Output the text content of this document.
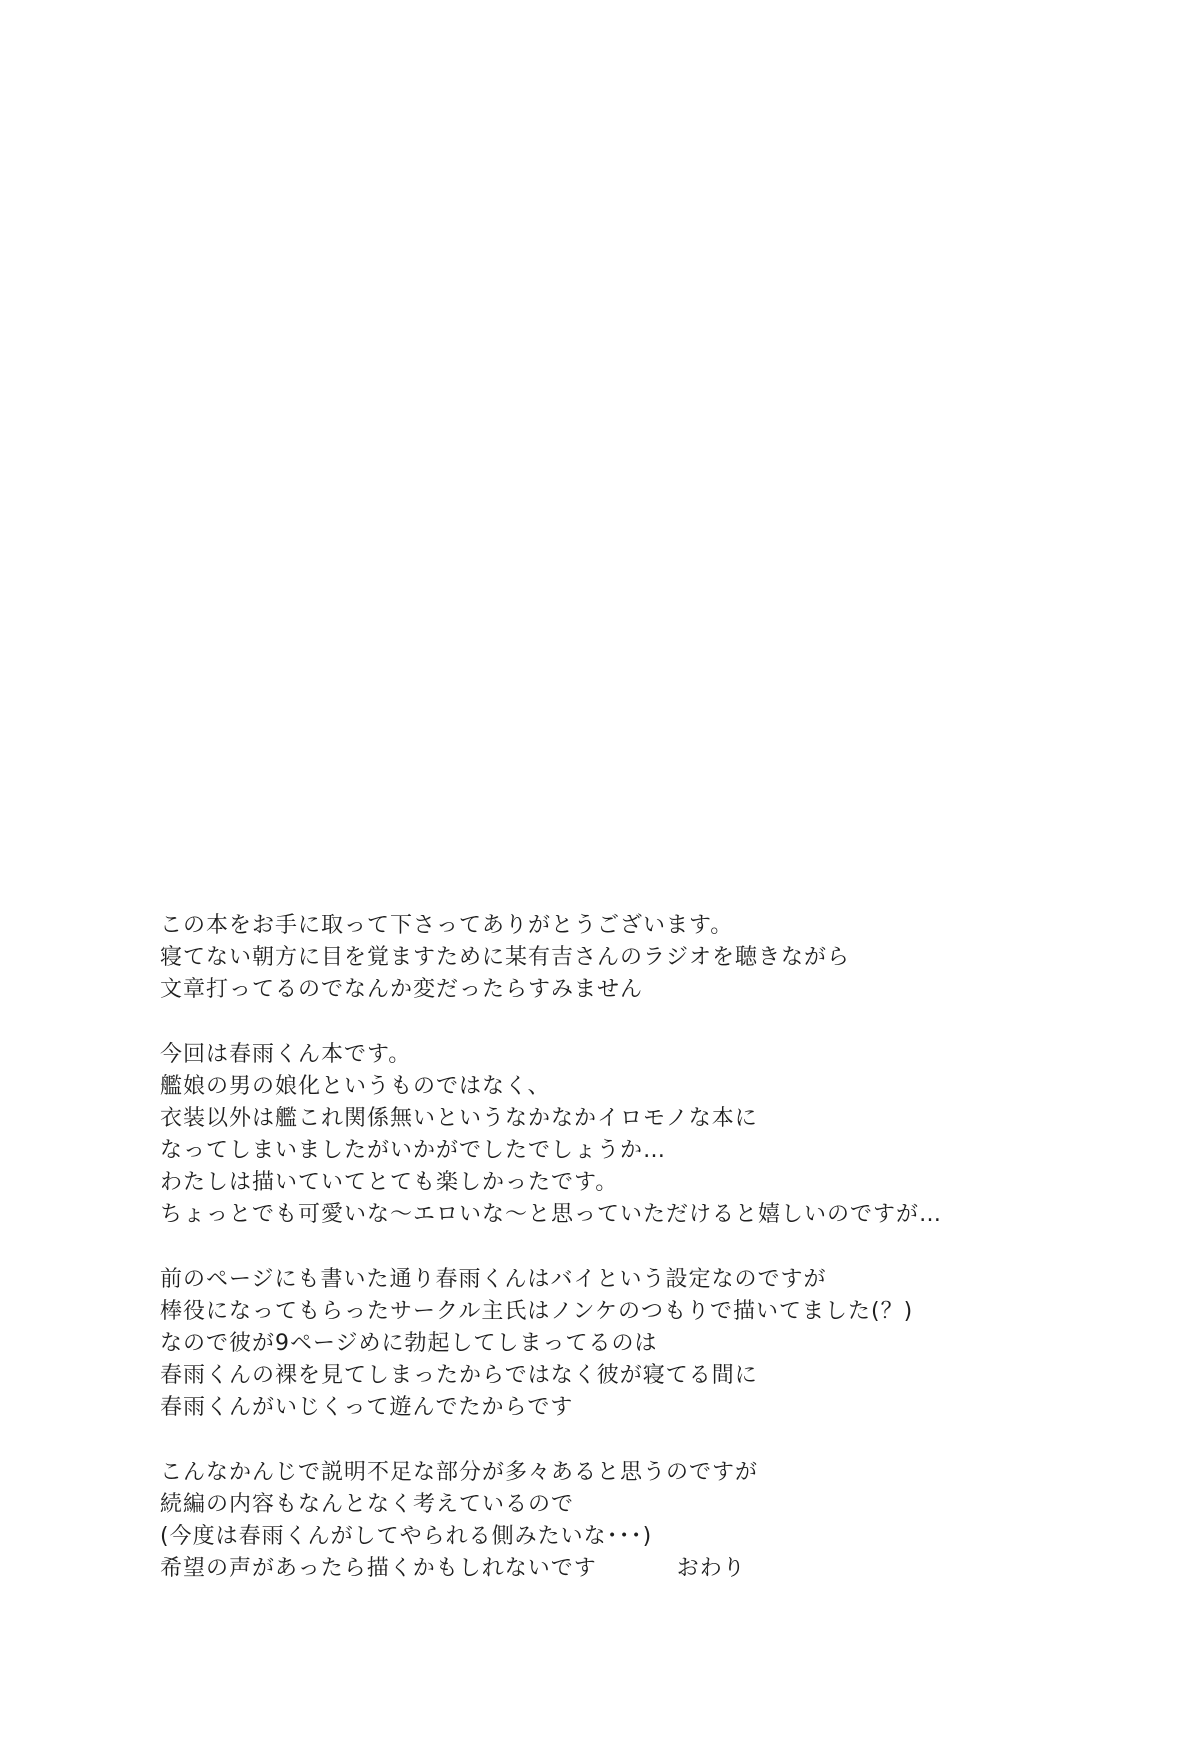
この本をお手に取って下さってありがとうございます。
寝てない朝方に目を覚ますために某有吉さんのラジオを聴きながら
文章打ってるのでなんか変だったらすみません
今回は春雨くん本です。
艦娘の男の娘化というものではなく、
衣装以外は艦これ関係無いというなかなかイロモノな本に
なってしまいましたがいかがでしたでしょうか…
わたしは描いていてとても楽しかったです。
ちょっとでも可愛いな～エロいな～と思っていただけると嬉しいのですが…
前のページにも書いた通り春雨くんはバイという設定なのですが
棒役になってもらったサークル主氏はノンケのつもりで描いてました(？)
なので彼が9ページめに勃起してしまってるのは
春雨くんの裸を見てしまったからではなく彼が寝てる間に
春雨くんがいじくって遊んでたからです
こんなかんじで説明不足な部分が多々あると思うのですが
続編の内容もなんとなく考えているので
(今度は春雨くんがしてやられる側みたいな･･･)
希望の声があったら描くかもしれないです	おわり
